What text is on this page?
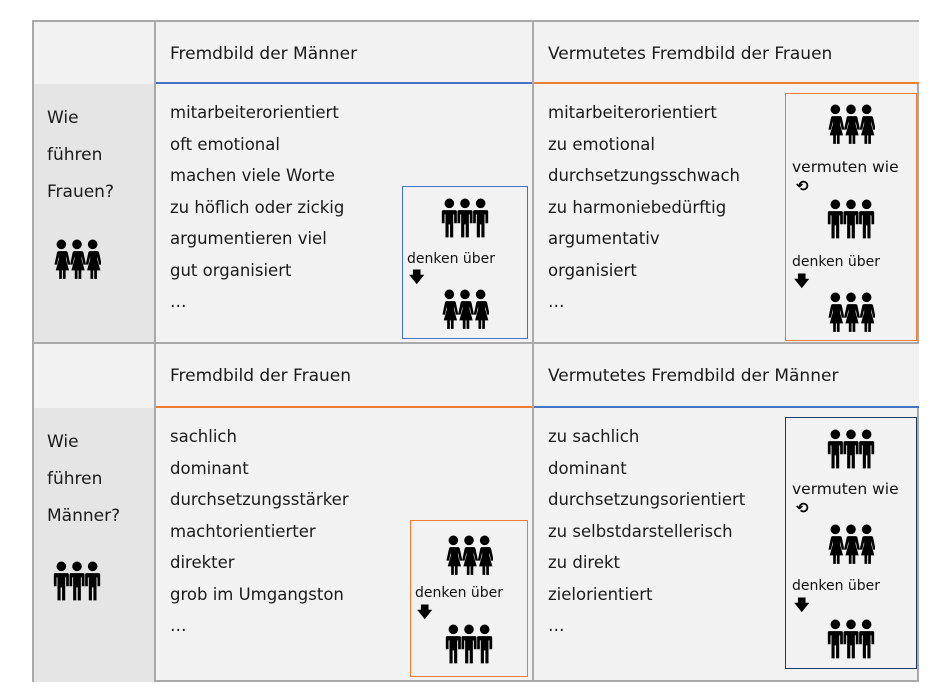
Fremdbild der Männer	Vermutetes Fremdbild der Frauen
Wie
führen
Frauen?
mitarbeiterorientiert
oft emotional
machen viele Worte
zu höflich oder zickig
argumentieren viel
gut organisiert
…
denken über
🡇
mitarbeiterorientiert
zu emotional
durchsetzungsschwach
zu harmoniebedürftig
argumentativ
organisiert
…
vermuten wie
⟲
denken über
🡇
Fremdbild der Frauen	Vermutetes Fremdbild der Männer
Wie
führen
Männer?
sachlich
dominant
durchsetzungsstärker
machtorientierter
direkter
grob im Umgangston
…
denken über
🡇
zu sachlich
dominant
durchsetzungsorientiert
zu selbstdarstellerisch
zu direkt
zielorientiert
…
vermuten wie
⟲
denken über
🡇
